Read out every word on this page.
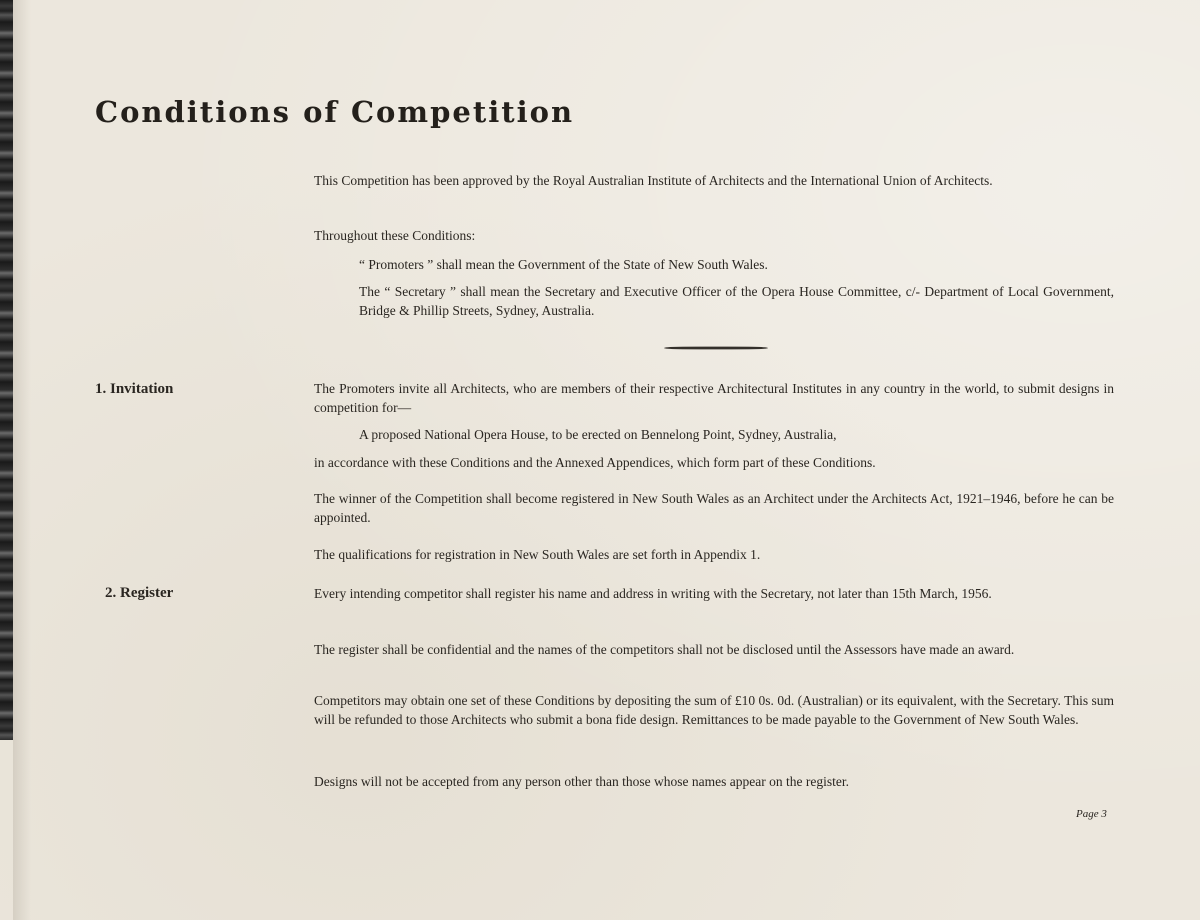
Conditions of Competition

This Competition has been approved by the Royal Australian Institute of Architects and the International Union of Architects.

Throughout these Conditions:

“ Promoters ” shall mean the Government of the State of New South Wales.

The “ Secretary ” shall mean the Secretary and Executive Officer of the Opera House Committee, c/- Department of Local Government, Bridge & Phillip Streets, Sydney, Australia.

1. Invitation	The Promoters invite all Architects, who are members of their respective Architectural Institutes in any country in the world, to submit designs in competition for—

A proposed National Opera House, to be erected on Bennelong Point, Sydney, Australia,

in accordance with these Conditions and the Annexed Appendices, which form part of these Conditions.

The winner of the Competition shall become registered in New South Wales as an Architect under the Architects Act, 1921–1946, before he can be appointed.

The qualifications for registration in New South Wales are set forth in Appendix 1.

2. Register	Every intending competitor shall register his name and address in writing with the Secretary, not later than 15th March, 1956.

The register shall be confidential and the names of the competitors shall not be disclosed until the Assessors have made an award.

Competitors may obtain one set of these Conditions by depositing the sum of £10 0s. 0d. (Australian) or its equivalent, with the Secretary. This sum will be refunded to those Architects who submit a bona fide design. Remittances to be made payable to the Government of New South Wales.

Designs will not be accepted from any person other than those whose names appear on the register.

Page 3
